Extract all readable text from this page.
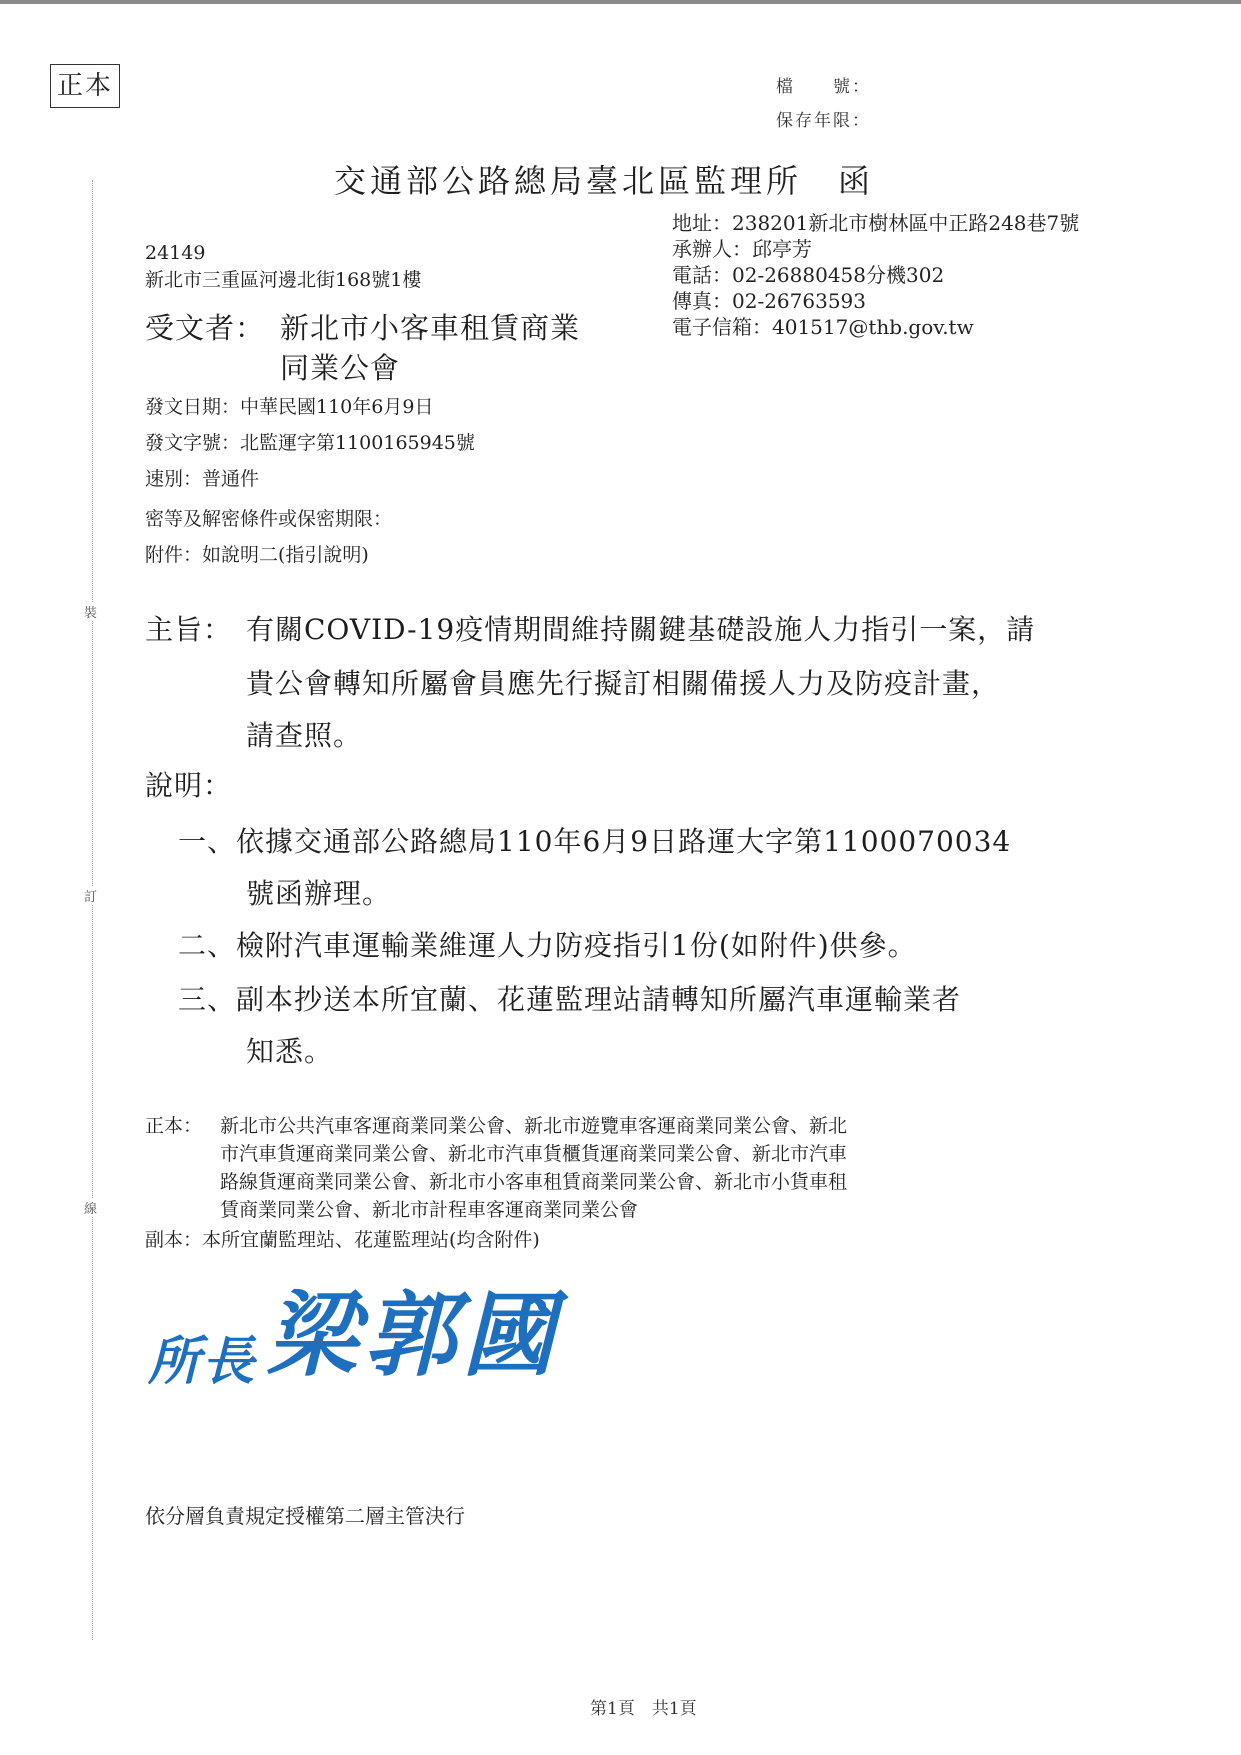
正本
裝
訂
線
檔　　號：
保存年限：
交通部公路總局臺北區監理所　函
地址：238201新北市樹林區中正路248巷7號
承辦人：邱亭芳
電話：02-26880458分機302
傳真：02-26763593
電子信箱：401517@thb.gov.tw
24149
新北市三重區河邊北街168號1樓
受文者： 新北市小客車租賃商業
同業公會
發文日期：中華民國110年6月9日
發文字號：北監運字第1100165945號
速別：普通件
密等及解密條件或保密期限：
附件：如說明二(指引說明)
主旨： 有關COVID-19疫情期間維持關鍵基礎設施人力指引一案，請
貴公會轉知所屬會員應先行擬訂相關備援人力及防疫計畫，
請查照。
說明：
一、依據交通部公路總局110年6月9日路運大字第1100070034
號函辦理。
二、檢附汽車運輸業維運人力防疫指引1份(如附件)供參。
三、副本抄送本所宜蘭、花蓮監理站請轉知所屬汽車運輸業者
知悉。
正本： 新北市公共汽車客運商業同業公會、新北市遊覽車客運商業同業公會、新北
市汽車貨運商業同業公會、新北市汽車貨櫃貨運商業同業公會、新北市汽車
路線貨運商業同業公會、新北市小客車租賃商業同業公會、新北市小貨車租
賃商業同業公會、新北市計程車客運商業同業公會
副本：本所宜蘭監理站、花蓮監理站(均含附件)
所長 梁郭國
依分層負責規定授權第二層主管決行
第1頁　共1頁
